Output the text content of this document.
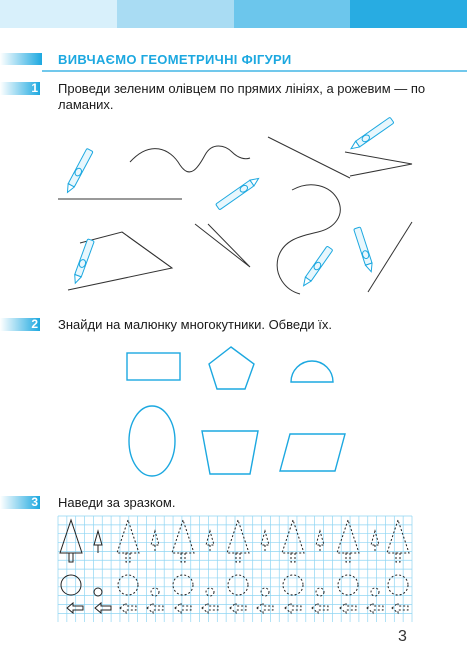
ВИВЧАЄМО ГЕОМЕТРИЧНІ ФІГУРИ
1 Проведи зеленим олівцем по прямих лініях, а рожевим — по ламаних.
2 Знайди на малюнку многокутники. Обведи їх.
3 Наведи за зразком.
3
